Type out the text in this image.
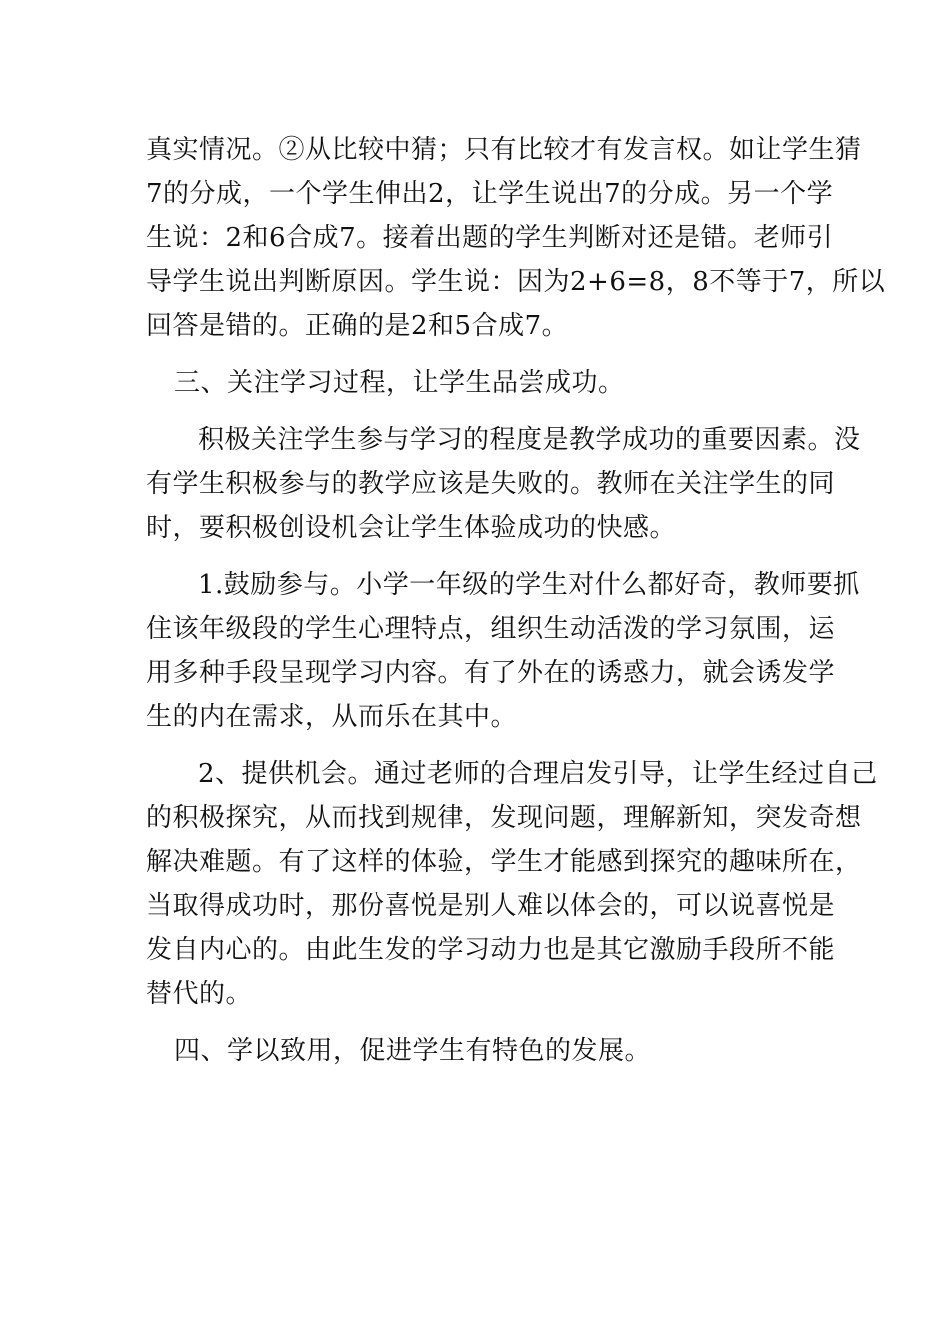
真实情况。②从比较中猜；只有比较才有发言权。如让学生猜
7的分成，一个学生伸出2，让学生说出7的分成。另一个学
生说：2和6合成7。接着出题的学生判断对还是错。老师引
导学生说出判断原因。学生说：因为2+6=8，8不等于7，所以
回答是错的。正确的是2和5合成7。
三、关注学习过程，让学生品尝成功。
积极关注学生参与学习的程度是教学成功的重要因素。没
有学生积极参与的教学应该是失败的。教师在关注学生的同
时，要积极创设机会让学生体验成功的快感。
1.鼓励参与。小学一年级的学生对什么都好奇，教师要抓
住该年级段的学生心理特点，组织生动活泼的学习氛围，运
用多种手段呈现学习内容。有了外在的诱惑力，就会诱发学
生的内在需求，从而乐在其中。
2、提供机会。通过老师的合理启发引导，让学生经过自己
的积极探究，从而找到规律，发现问题，理解新知，突发奇想
解决难题。有了这样的体验，学生才能感到探究的趣味所在，
当取得成功时，那份喜悦是别人难以体会的，可以说喜悦是
发自内心的。由此生发的学习动力也是其它激励手段所不能
替代的。
四、学以致用，促进学生有特色的发展。
